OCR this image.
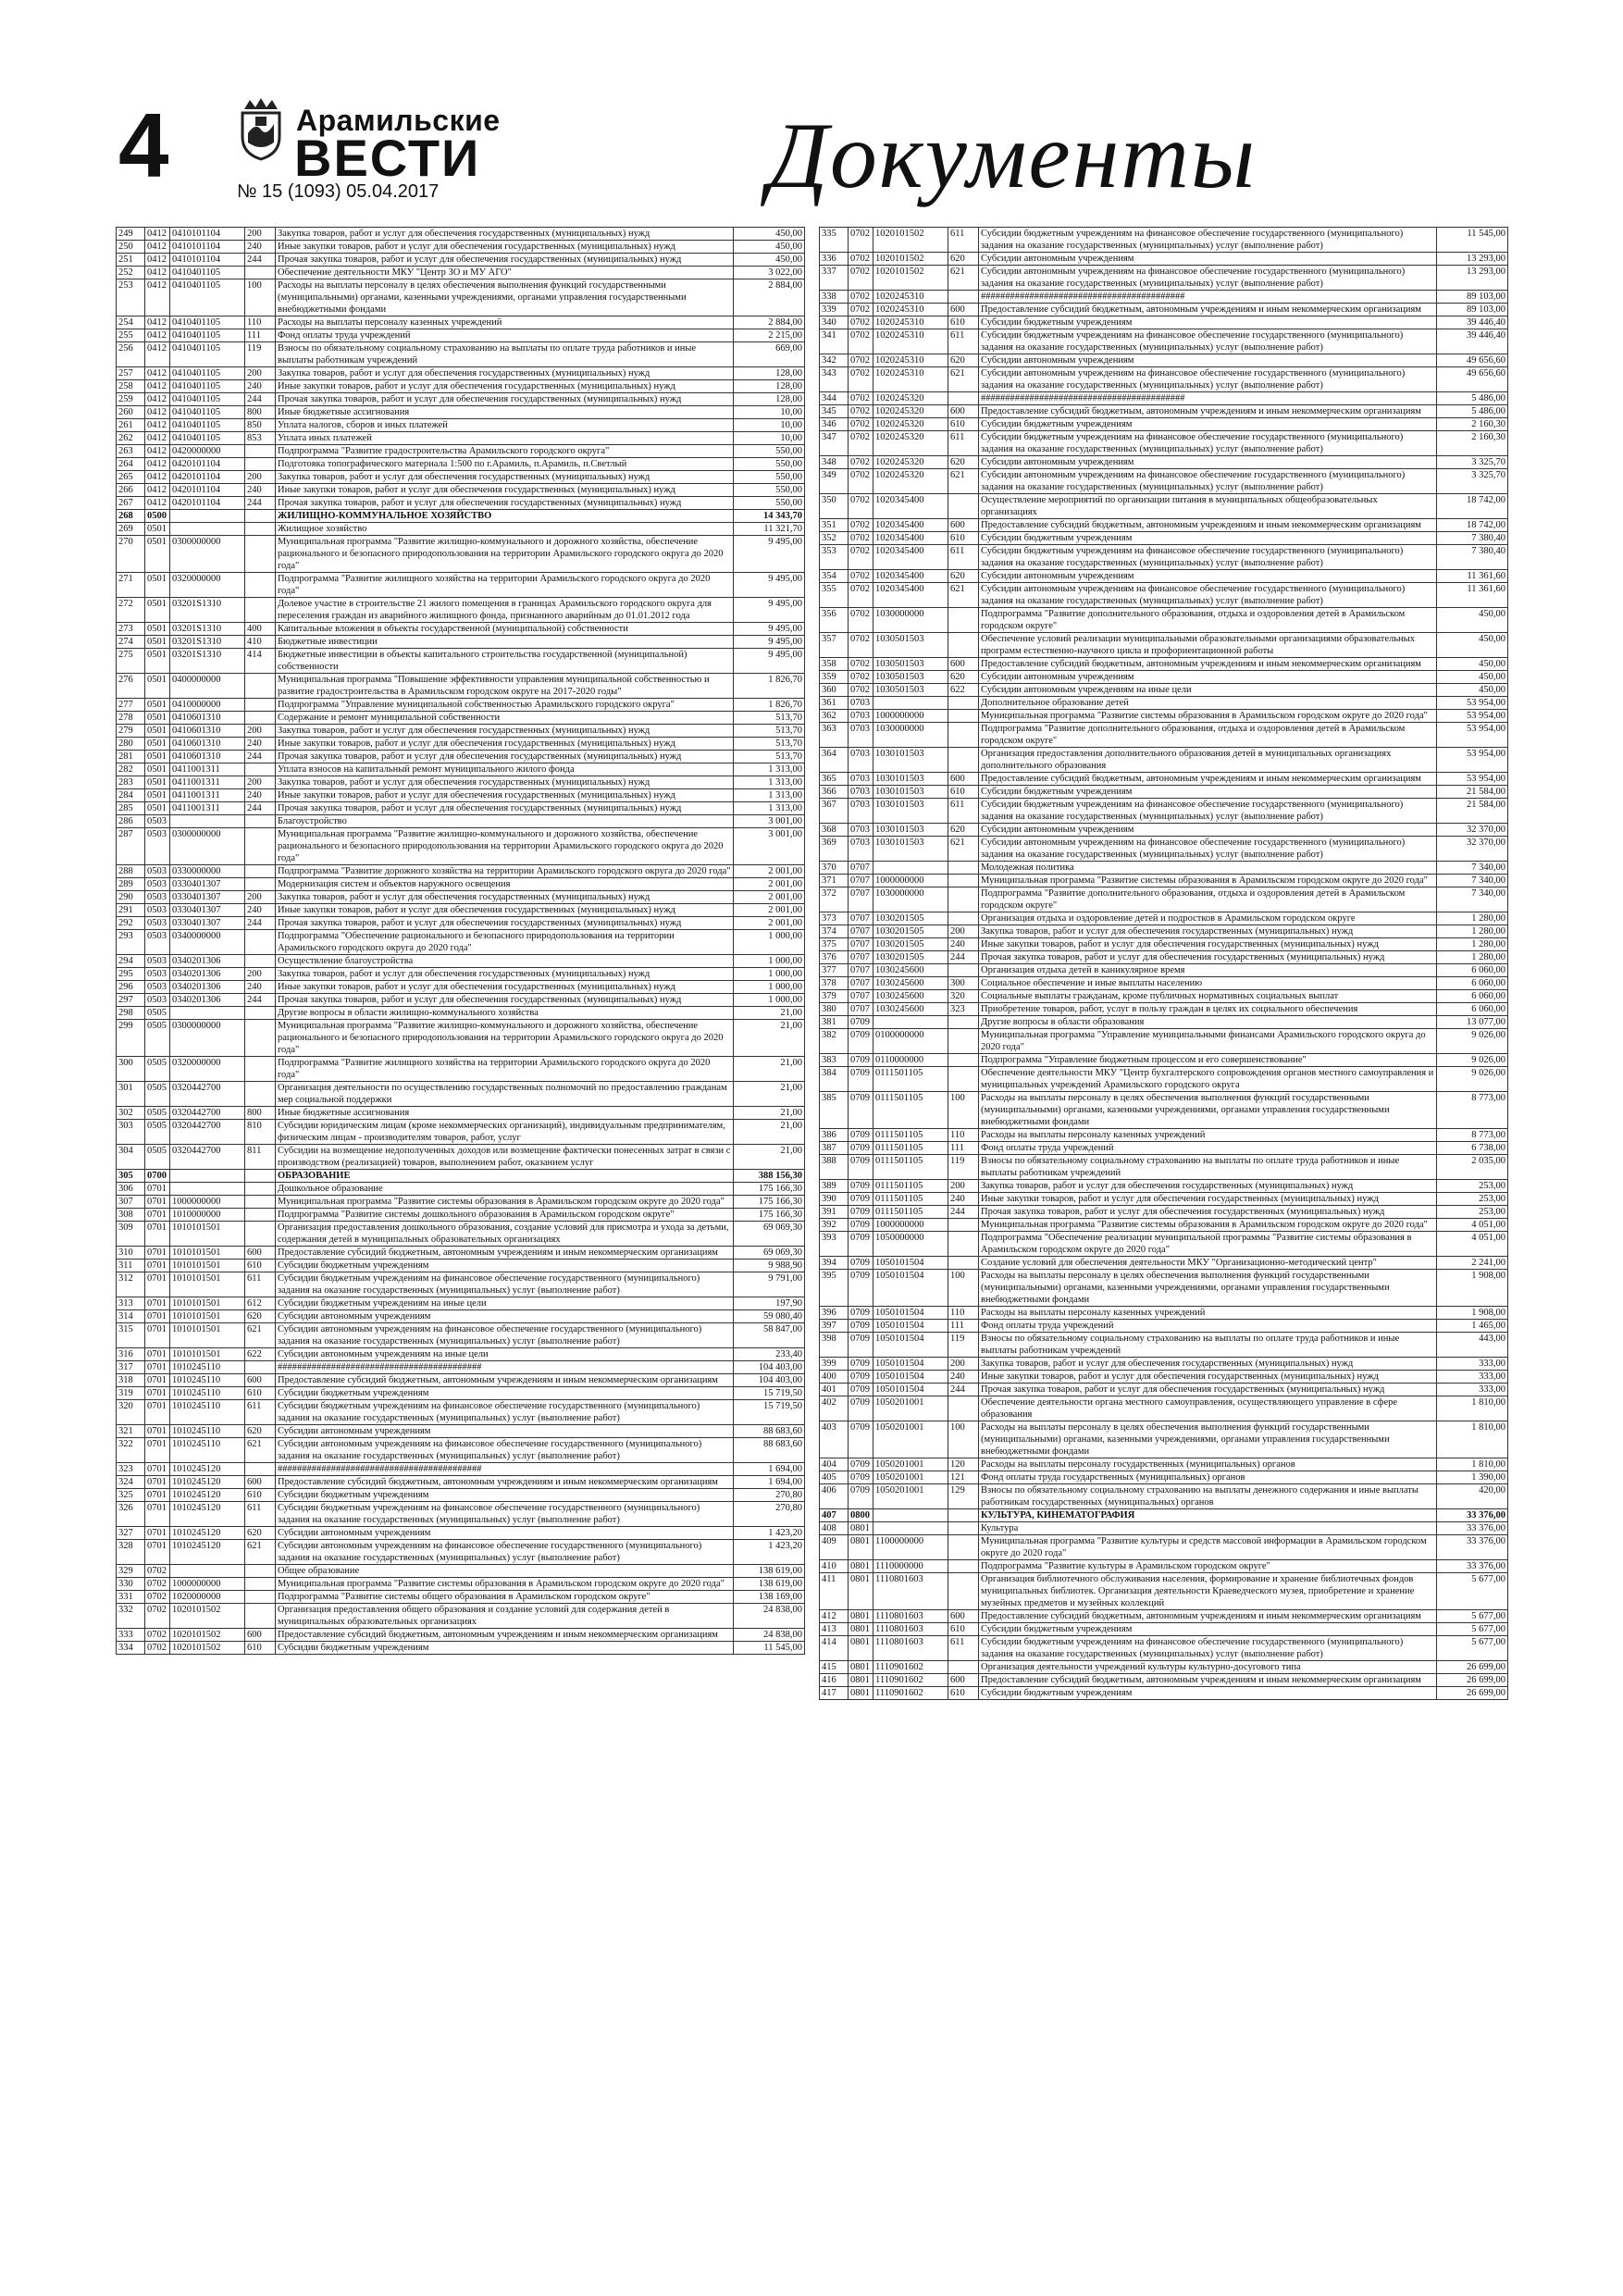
4	Арамильские
ВЕСТИ
№ 15 (1093) 05.04.2017	Документы
249	0412	0410101104	200	Закупка товаров, работ и услуг для обеспечения государственных (муниципальных) нужд	450,00
250	0412	0410101104	240	Иные закупки товаров, работ и услуг для обеспечения государственных (муниципальных) нужд	450,00
251	0412	0410101104	244	Прочая закупка товаров, работ и услуг для обеспечения государственных (муниципальных) нужд	450,00
252	0412	0410401105		Обеспечение деятельности МКУ "Центр ЗО и МУ АГО"	3 022,00
253	0412	0410401105	100	Расходы на выплаты персоналу в целях обеспечения выполнения функций государственными (муниципальными) органами, казенными учреждениями, органами управления государственными внебюджетными фондами	2 884,00
254	0412	0410401105	110	Расходы на выплаты персоналу казенных учреждений	2 884,00
255	0412	0410401105	111	Фонд оплаты труда учреждений	2 215,00
256	0412	0410401105	119	Взносы по обязательному социальному страхованию на выплаты по оплате труда работников и иные выплаты работникам учреждений	669,00
257	0412	0410401105	200	Закупка товаров, работ и услуг для обеспечения государственных (муниципальных) нужд	128,00
258	0412	0410401105	240	Иные закупки товаров, работ и услуг для обеспечения государственных (муниципальных) нужд	128,00
259	0412	0410401105	244	Прочая закупка товаров, работ и услуг для обеспечения государственных (муниципальных) нужд	128,00
260	0412	0410401105	800	Иные бюджетные ассигнования	10,00
261	0412	0410401105	850	Уплата налогов, сборов и иных платежей	10,00
262	0412	0410401105	853	Уплата иных платежей	10,00
263	0412	0420000000		Подпрограмма "Развитие градостроительства Арамильского городского округа"	550,00
264	0412	0420101104		Подготовка топографического материала 1:500 по г.Арамиль, п.Арамиль, п.Светлый	550,00
265	0412	0420101104	200	Закупка товаров, работ и услуг для обеспечения государственных (муниципальных) нужд	550,00
266	0412	0420101104	240	Иные закупки товаров, работ и услуг для обеспечения государственных (муниципальных) нужд	550,00
267	0412	0420101104	244	Прочая закупка товаров, работ и услуг для обеспечения государственных (муниципальных) нужд	550,00
268	0500			ЖИЛИЩНО-КОММУНАЛЬНОЕ ХОЗЯЙСТВО	14 343,70
269	0501			Жилищное хозяйство	11 321,70
270	0501	0300000000		Муниципальная программа "Развитие жилищно-коммунального и дорожного хозяйства, обеспечение рационального и безопасного природопользования на территории Арамильского городского округа до 2020 года"	9 495,00
271	0501	0320000000		Подпрограмма "Развитие жилищного хозяйства на территории Арамильского городского округа до 2020 года"	9 495,00
272	0501	03201S1310		Долевое участие в строительстве 21 жилого помещения в границах Арамильского городского округа для переселения граждан из аварийного жилищного фонда, признанного аварийным до 01.01.2012 года	9 495,00
273	0501	03201S1310	400	Капитальные вложения в объекты государственной (муниципальной) собственности	9 495,00
274	0501	03201S1310	410	Бюджетные инвестиции	9 495,00
275	0501	03201S1310	414	Бюджетные инвестиции в объекты капитального строительства государственной (муниципальной) собственности	9 495,00
276	0501	0400000000		Муниципальная программа "Повышение эффективности управления муниципальной собственностью и развитие градостроительства в Арамильском городском округе на 2017-2020 годы"	1 826,70
277	0501	0410000000		Подпрограмма "Управление муниципальной собственностью Арамильского городского округа"	1 826,70
278	0501	0410601310		Содержание и ремонт муниципальной собственности	513,70
279	0501	0410601310	200	Закупка товаров, работ и услуг для обеспечения государственных (муниципальных) нужд	513,70
280	0501	0410601310	240	Иные закупки товаров, работ и услуг для обеспечения государственных (муниципальных) нужд	513,70
281	0501	0410601310	244	Прочая закупка товаров, работ и услуг для обеспечения государственных (муниципальных) нужд	513,70
282	0501	0411001311		Уплата взносов на капитальный ремонт муниципального жилого фонда	1 313,00
283	0501	0411001311	200	Закупка товаров, работ и услуг для обеспечения государственных (муниципальных) нужд	1 313,00
284	0501	0411001311	240	Иные закупки товаров, работ и услуг для обеспечения государственных (муниципальных) нужд	1 313,00
285	0501	0411001311	244	Прочая закупка товаров, работ и услуг для обеспечения государственных (муниципальных) нужд	1 313,00
286	0503			Благоустройство	3 001,00
287	0503	0300000000		Муниципальная программа "Развитие жилищно-коммунального и дорожного хозяйства, обеспечение рационального и безопасного природопользования на территории Арамильского городского округа до 2020 года"	3 001,00
288	0503	0330000000		Подпрограмма "Развитие дорожного хозяйства на территории Арамильского городского округа до 2020 года"	2 001,00
289	0503	0330401307		Модернизация систем и объектов наружного освещения	2 001,00
290	0503	0330401307	200	Закупка товаров, работ и услуг для обеспечения государственных (муниципальных) нужд	2 001,00
291	0503	0330401307	240	Иные закупки товаров, работ и услуг для обеспечения государственных (муниципальных) нужд	2 001,00
292	0503	0330401307	244	Прочая закупка товаров, работ и услуг для обеспечения государственных (муниципальных) нужд	2 001,00
293	0503	0340000000		Подпрограмма "Обеспечение рационального и безопасного природопользования на территории Арамильского городского округа до 2020 года"	1 000,00
294	0503	0340201306		Осуществление благоустройства	1 000,00
295	0503	0340201306	200	Закупка товаров, работ и услуг для обеспечения государственных (муниципальных) нужд	1 000,00
296	0503	0340201306	240	Иные закупки товаров, работ и услуг для обеспечения государственных (муниципальных) нужд	1 000,00
297	0503	0340201306	244	Прочая закупка товаров, работ и услуг для обеспечения государственных (муниципальных) нужд	1 000,00
298	0505			Другие вопросы в области жилищно-коммунального хозяйства	21,00
299	0505	0300000000		Муниципальная программа "Развитие жилищно-коммунального и дорожного хозяйства, обеспечение рационального и безопасного природопользования на территории Арамильского городского округа до 2020 года"	21,00
300	0505	0320000000		Подпрограмма "Развитие жилищного хозяйства на территории Арамильского городского округа до 2020 года"	21,00
301	0505	0320442700		Организация деятельности по осуществлению государственных полномочий по предоставлению гражданам мер социальной поддержки	21,00
302	0505	0320442700	800	Иные бюджетные ассигнования	21,00
303	0505	0320442700	810	Субсидии юридическим лицам (кроме некоммерческих организаций), индивидуальным предпринимателям, физическим лицам - производителям товаров, работ, услуг	21,00
304	0505	0320442700	811	Субсидии на возмещение недополученных доходов или возмещение фактически понесенных затрат в связи с производством (реализацией) товаров, выполнением работ, оказанием услуг	21,00
305	0700			ОБРАЗОВАНИЕ	388 156,30
306	0701			Дошкольное образование	175 166,30
307	0701	1000000000		Муниципальная программа "Развитие системы образования в Арамильском городском округе до 2020 года"	175 166,30
308	0701	1010000000		Подпрограмма "Развитие системы дошкольного образования в Арамильском городском округе"	175 166,30
309	0701	1010101501		Организация предоставления дошкольного образования, создание условий для присмотра и ухода за детьми, содержания детей в муниципальных образовательных организациях	69 069,30
310	0701	1010101501	600	Предоставление субсидий бюджетным, автономным учреждениям и иным некоммерческим организациям	69 069,30
311	0701	1010101501	610	Субсидии бюджетным учреждениям	9 988,90
312	0701	1010101501	611	Субсидии бюджетным учреждениям на финансовое обеспечение государственного (муниципального) задания на оказание государственных (муниципальных) услуг (выполнение работ)	9 791,00
313	0701	1010101501	612	Субсидии бюджетным учреждениям на иные цели	197,90
314	0701	1010101501	620	Субсидии автономным учреждениям	59 080,40
315	0701	1010101501	621	Субсидии автономным учреждениям на финансовое обеспечение государственного (муниципального) задания на оказание государственных (муниципальных) услуг (выполнение работ)	58 847,00
316	0701	1010101501	622	Субсидии автономным учреждениям на иные цели	233,40
317	0701	1010245110		##########################################	104 403,00
318	0701	1010245110	600	Предоставление субсидий бюджетным, автономным учреждениям и иным некоммерческим организациям	104 403,00
319	0701	1010245110	610	Субсидии бюджетным учреждениям	15 719,50
320	0701	1010245110	611	Субсидии бюджетным учреждениям на финансовое обеспечение государственного (муниципального) задания на оказание государственных (муниципальных) услуг (выполнение работ)	15 719,50
321	0701	1010245110	620	Субсидии автономным учреждениям	88 683,60
322	0701	1010245110	621	Субсидии автономным учреждениям на финансовое обеспечение государственного (муниципального) задания на оказание государственных (муниципальных) услуг (выполнение работ)	88 683,60
323	0701	1010245120		##########################################	1 694,00
324	0701	1010245120	600	Предоставление субсидий бюджетным, автономным учреждениям и иным некоммерческим организациям	1 694,00
325	0701	1010245120	610	Субсидии бюджетным учреждениям	270,80
326	0701	1010245120	611	Субсидии бюджетным учреждениям на финансовое обеспечение государственного (муниципального) задания на оказание государственных (муниципальных) услуг (выполнение работ)	270,80
327	0701	1010245120	620	Субсидии автономным учреждениям	1 423,20
328	0701	1010245120	621	Субсидии автономным учреждениям на финансовое обеспечение государственного (муниципального) задания на оказание государственных (муниципальных) услуг (выполнение работ)	1 423,20
329	0702			Общее образование	138 619,00
330	0702	1000000000		Муниципальная программа "Развитие системы образования в Арамильском городском округе до 2020 года"	138 619,00
331	0702	1020000000		Подпрограмма "Развитие системы общего образования в Арамильском городском округе"	138 169,00
332	0702	1020101502		Организация предоставления общего образования и создание условий для содержания детей в муниципальных образовательных организациях	24 838,00
333	0702	1020101502	600	Предоставление субсидий бюджетным, автономным учреждениям и иным некоммерческим организациям	24 838,00
334	0702	1020101502	610	Субсидии бюджетным учреждениям	11 545,00
335	0702	1020101502	611	Субсидии бюджетным учреждениям на финансовое обеспечение государственного (муниципального) задания на оказание государственных (муниципальных) услуг (выполнение работ)	11 545,00
336	0702	1020101502	620	Субсидии автономным учреждениям	13 293,00
337	0702	1020101502	621	Субсидии автономным учреждениям на финансовое обеспечение государственного (муниципального) задания на оказание государственных (муниципальных) услуг (выполнение работ)	13 293,00
338	0702	1020245310		##########################################	89 103,00
339	0702	1020245310	600	Предоставление субсидий бюджетным, автономным учреждениям и иным некоммерческим организациям	89 103,00
340	0702	1020245310	610	Субсидии бюджетным учреждениям	39 446,40
341	0702	1020245310	611	Субсидии бюджетным учреждениям на финансовое обеспечение государственного (муниципального) задания на оказание государственных (муниципальных) услуг (выполнение работ)	39 446,40
342	0702	1020245310	620	Субсидии автономным учреждениям	49 656,60
343	0702	1020245310	621	Субсидии автономным учреждениям на финансовое обеспечение государственного (муниципального) задания на оказание государственных (муниципальных) услуг (выполнение работ)	49 656,60
344	0702	1020245320		##########################################	5 486,00
345	0702	1020245320	600	Предоставление субсидий бюджетным, автономным учреждениям и иным некоммерческим организациям	5 486,00
346	0702	1020245320	610	Субсидии бюджетным учреждениям	2 160,30
347	0702	1020245320	611	Субсидии бюджетным учреждениям на финансовое обеспечение государственного (муниципального) задания на оказание государственных (муниципальных) услуг (выполнение работ)	2 160,30
348	0702	1020245320	620	Субсидии автономным учреждениям	3 325,70
349	0702	1020245320	621	Субсидии автономным учреждениям на финансовое обеспечение государственного (муниципального) задания на оказание государственных (муниципальных) услуг (выполнение работ)	3 325,70
350	0702	1020345400		Осуществление мероприятий по организации питания в муниципальных общеобразовательных организациях	18 742,00
351	0702	1020345400	600	Предоставление субсидий бюджетным, автономным учреждениям и иным некоммерческим организациям	18 742,00
352	0702	1020345400	610	Субсидии бюджетным учреждениям	7 380,40
353	0702	1020345400	611	Субсидии бюджетным учреждениям на финансовое обеспечение государственного (муниципального) задания на оказание государственных (муниципальных) услуг (выполнение работ)	7 380,40
354	0702	1020345400	620	Субсидии автономным учреждениям	11 361,60
355	0702	1020345400	621	Субсидии автономным учреждениям на финансовое обеспечение государственного (муниципального) задания на оказание государственных (муниципальных) услуг (выполнение работ)	11 361,60
356	0702	1030000000		Подпрограмма "Развитие дополнительного образования, отдыха и оздоровления детей в Арамильском городском округе"	450,00
357	0702	1030501503		Обеспечение условий реализации муниципальными образовательными организациями образовательных программ естественно-научного цикла и профориентационной работы	450,00
358	0702	1030501503	600	Предоставление субсидий бюджетным, автономным учреждениям и иным некоммерческим организациям	450,00
359	0702	1030501503	620	Субсидии автономным учреждениям	450,00
360	0702	1030501503	622	Субсидии автономным учреждениям на иные цели	450,00
361	0703			Дополнительное образование детей	53 954,00
362	0703	1000000000		Муниципальная программа "Развитие системы образования в Арамильском городском округе до 2020 года"	53 954,00
363	0703	1030000000		Подпрограмма "Развитие дополнительного образования, отдыха и оздоровления детей в Арамильском городском округе"	53 954,00
364	0703	1030101503		Организация предоставления дополнительного образования детей в муниципальных организациях дополнительного образования	53 954,00
365	0703	1030101503	600	Предоставление субсидий бюджетным, автономным учреждениям и иным некоммерческим организациям	53 954,00
366	0703	1030101503	610	Субсидии бюджетным учреждениям	21 584,00
367	0703	1030101503	611	Субсидии бюджетным учреждениям на финансовое обеспечение государственного (муниципального) задания на оказание государственных (муниципальных) услуг (выполнение работ)	21 584,00
368	0703	1030101503	620	Субсидии автономным учреждениям	32 370,00
369	0703	1030101503	621	Субсидии автономным учреждениям на финансовое обеспечение государственного (муниципального) задания на оказание государственных (муниципальных) услуг (выполнение работ)	32 370,00
370	0707			Молодежная политика	7 340,00
371	0707	1000000000		Муниципальная программа "Развитие системы образования в Арамильском городском округе до 2020 года"	7 340,00
372	0707	1030000000		Подпрограмма "Развитие дополнительного образования, отдыха и оздоровления детей в Арамильском городском округе"	7 340,00
373	0707	1030201505		Организация отдыха и оздоровление детей и подростков в Арамильском городском округе	1 280,00
374	0707	1030201505	200	Закупка товаров, работ и услуг для обеспечения государственных (муниципальных) нужд	1 280,00
375	0707	1030201505	240	Иные закупки товаров, работ и услуг для обеспечения государственных (муниципальных) нужд	1 280,00
376	0707	1030201505	244	Прочая закупка товаров, работ и услуг для обеспечения государственных (муниципальных) нужд	1 280,00
377	0707	1030245600		Организация отдыха детей в каникулярное время	6 060,00
378	0707	1030245600	300	Социальное обеспечение и иные выплаты населению	6 060,00
379	0707	1030245600	320	Социальные выплаты гражданам, кроме публичных нормативных социальных выплат	6 060,00
380	0707	1030245600	323	Приобретение товаров, работ, услуг в пользу граждан в целях их социального обеспечения	6 060,00
381	0709			Другие вопросы в области образования	13 077,00
382	0709	0100000000		Муниципальная программа "Управление муниципальными финансами Арамильского городского округа до 2020 года"	9 026,00
383	0709	0110000000		Подпрограмма "Управление бюджетным процессом и его совершенствование"	9 026,00
384	0709	0111501105		Обеспечение деятельности МКУ "Центр бухгалтерского сопровождения органов местного самоуправления и муниципальных учреждений Арамильского городского округа	9 026,00
385	0709	0111501105	100	Расходы на выплаты персоналу в целях обеспечения выполнения функций государственными (муниципальными) органами, казенными учреждениями, органами управления государственными внебюджетными фондами	8 773,00
386	0709	0111501105	110	Расходы на выплаты персоналу казенных учреждений	8 773,00
387	0709	0111501105	111	Фонд оплаты труда учреждений	6 738,00
388	0709	0111501105	119	Взносы по обязательному социальному страхованию на выплаты по оплате труда работников и иные выплаты работникам учреждений	2 035,00
389	0709	0111501105	200	Закупка товаров, работ и услуг для обеспечения государственных (муниципальных) нужд	253,00
390	0709	0111501105	240	Иные закупки товаров, работ и услуг для обеспечения государственных (муниципальных) нужд	253,00
391	0709	0111501105	244	Прочая закупка товаров, работ и услуг для обеспечения государственных (муниципальных) нужд	253,00
392	0709	1000000000		Муниципальная программа "Развитие системы образования в Арамильском городском округе до 2020 года"	4 051,00
393	0709	1050000000		Подпрограмма "Обеспечение реализации муниципальной программы "Развитие системы образования в Арамильском городском округе до 2020 года"	4 051,00
394	0709	1050101504		Создание условий для обеспечения деятельности МКУ "Организационно-методический центр"	2 241,00
395	0709	1050101504	100	Расходы на выплаты персоналу в целях обеспечения выполнения функций государственными (муниципальными) органами, казенными учреждениями, органами управления государственными внебюджетными фондами	1 908,00
396	0709	1050101504	110	Расходы на выплаты персоналу казенных учреждений	1 908,00
397	0709	1050101504	111	Фонд оплаты труда учреждений	1 465,00
398	0709	1050101504	119	Взносы по обязательному социальному страхованию на выплаты по оплате труда работников и иные выплаты работникам учреждений	443,00
399	0709	1050101504	200	Закупка товаров, работ и услуг для обеспечения государственных (муниципальных) нужд	333,00
400	0709	1050101504	240	Иные закупки товаров, работ и услуг для обеспечения государственных (муниципальных) нужд	333,00
401	0709	1050101504	244	Прочая закупка товаров, работ и услуг для обеспечения государственных (муниципальных) нужд	333,00
402	0709	1050201001		Обеспечение деятельности органа местного самоуправления, осуществляющего управление в сфере образования	1 810,00
403	0709	1050201001	100	Расходы на выплаты персоналу в целях обеспечения выполнения функций государственными (муниципальными) органами, казенными учреждениями, органами управления государственными внебюджетными фондами	1 810,00
404	0709	1050201001	120	Расходы на выплаты персоналу государственных (муниципальных) органов	1 810,00
405	0709	1050201001	121	Фонд оплаты труда государственных (муниципальных) органов	1 390,00
406	0709	1050201001	129	Взносы по обязательному социальному страхованию на выплаты денежного содержания и иные выплаты работникам государственных (муниципальных) органов	420,00
407	0800			КУЛЬТУРА, КИНЕМАТОГРАФИЯ	33 376,00
408	0801			Культура	33 376,00
409	0801	1100000000		Муниципальная программа "Развитие культуры и средств массовой информации в Арамильском городском округе до 2020 года"	33 376,00
410	0801	1110000000		Подпрограмма "Развитие культуры в Арамильском городском округе"	33 376,00
411	0801	1110801603		Организация библиотечного обслуживания населения, формирование и хранение библиотечных фондов муниципальных библиотек. Организация деятельности Краеведческого музея, приобретение и хранение музейных предметов и музейных коллекций	5 677,00
412	0801	1110801603	600	Предоставление субсидий бюджетным, автономным учреждениям и иным некоммерческим организациям	5 677,00
413	0801	1110801603	610	Субсидии бюджетным учреждениям	5 677,00
414	0801	1110801603	611	Субсидии бюджетным учреждениям на финансовое обеспечение государственного (муниципального) задания на оказание государственных (муниципальных) услуг (выполнение работ)	5 677,00
415	0801	1110901602		Организация деятельности учреждений культуры культурно-досугового типа	26 699,00
416	0801	1110901602	600	Предоставление субсидий бюджетным, автономным учреждениям и иным некоммерческим организациям	26 699,00
417	0801	1110901602	610	Субсидии бюджетным учреждениям	26 699,00
